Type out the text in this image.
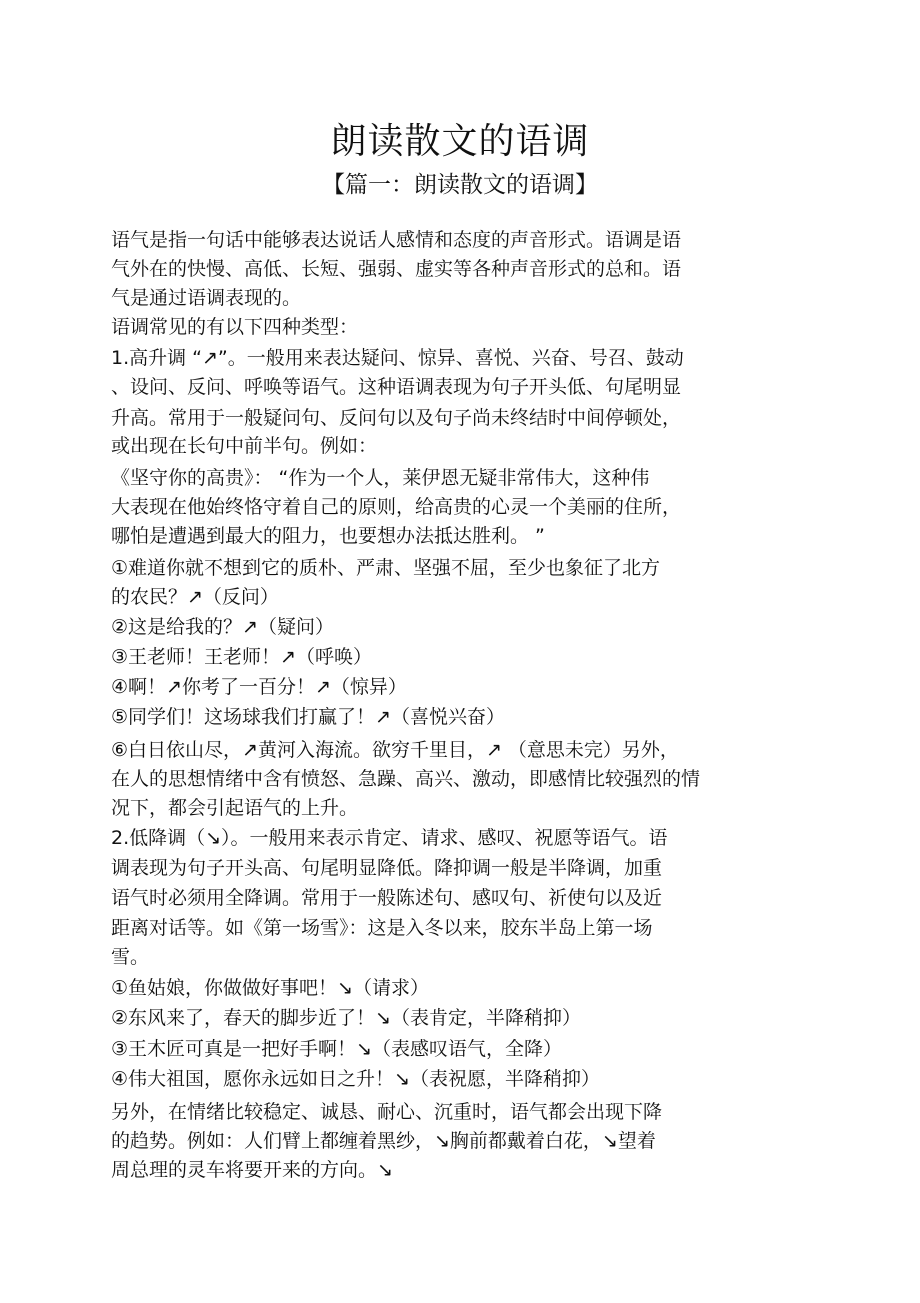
朗读散文的语调
【篇一：朗读散文的语调】
语气是指一句话中能够表达说话人感情和态度的声音形式。语调是语
气外在的快慢、高低、长短、强弱、虚实等各种声音形式的总和。语
气是通过语调表现的。
语调常见的有以下四种类型：
1.高升调 “↗”。一般用来表达疑问、惊异、喜悦、兴奋、号召、鼓动
、设问、反问、呼唤等语气。这种语调表现为句子开头低、句尾明显
升高。常用于一般疑问句、反问句以及句子尚未终结时中间停顿处，
或出现在长句中前半句。例如：
《坚守你的高贵》： “作为一个人，莱伊恩无疑非常伟大，这种伟
大表现在他始终恪守着自己的原则，给高贵的心灵一个美丽的住所，
哪怕是遭遇到最大的阻力，也要想办法抵达胜利。 ”
①难道你就不想到它的质朴、严肃、坚强不屈，至少也象征了北方
的农民？↗（反问）
②这是给我的？↗（疑问）
③王老师！王老师！↗（呼唤）
④啊！↗你考了一百分！↗（惊异）
⑤同学们！这场球我们打赢了！↗（喜悦兴奋）
⑥白日依山尽，↗黄河入海流。欲穷千里目，↗ （意思未完）另外，
在人的思想情绪中含有愤怒、急躁、高兴、激动，即感情比较强烈的情
况下，都会引起语气的上升。
2.低降调（↘）。一般用来表示肯定、请求、感叹、祝愿等语气。语
调表现为句子开头高、句尾明显降低。降抑调一般是半降调，加重
语气时必须用全降调。常用于一般陈述句、感叹句、祈使句以及近
距离对话等。如《第一场雪》：这是入冬以来，胶东半岛上第一场
雪。
①鱼姑娘，你做做好事吧！↘（请求）
②东风来了，春天的脚步近了！↘（表肯定，半降稍抑）
③王木匠可真是一把好手啊！↘（表感叹语气，全降）
④伟大祖国，愿你永远如日之升！↘（表祝愿，半降稍抑）
另外，在情绪比较稳定、诚恳、耐心、沉重时，语气都会出现下降
的趋势。例如：人们臂上都缠着黑纱，↘胸前都戴着白花，↘望着
周总理的灵车将要开来的方向。↘
